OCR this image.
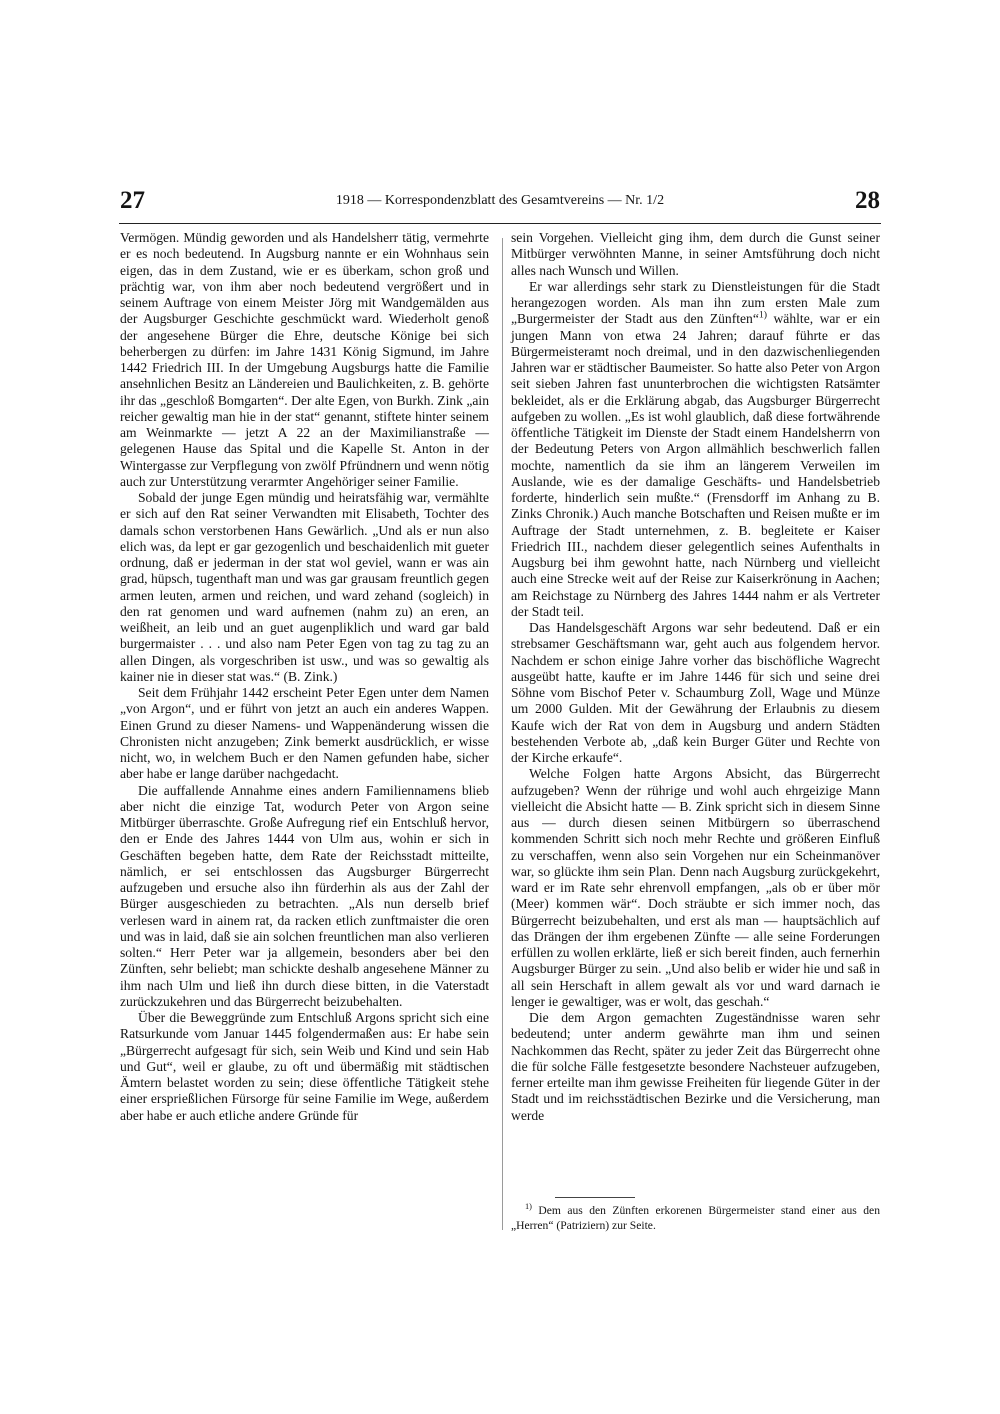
27	1918 — Korrespondenzblatt des Gesamtvereins — Nr. 1/2	28

Vermögen. Mündig geworden und als Handelsherr tätig, vermehrte er es noch bedeutend. In Augsburg nannte er ein Wohnhaus sein eigen, das in dem Zustand, wie er es überkam, schon groß und prächtig war, von ihm aber noch bedeutend vergrößert und in seinem Auftrage von einem Meister Jörg mit Wandgemälden aus der Augsburger Geschichte geschmückt ward. Wiederholt genoß der angesehene Bürger die Ehre, deutsche Könige bei sich beherbergen zu dürfen: im Jahre 1431 König Sigmund, im Jahre 1442 Friedrich III. In der Umgebung Augsburgs hatte die Familie ansehnlichen Besitz an Ländereien und Baulichkeiten, z. B. gehörte ihr das „geschloß Bomgarten“. Der alte Egen, von Burkh. Zink „ain reicher gewaltig man hie in der stat“ genannt, stiftete hinter seinem am Weinmarkte — jetzt A 22 an der Maximilianstraße — gelegenen Hause das Spital und die Kapelle St. Anton in der Wintergasse zur Verpflegung von zwölf Pfründnern und wenn nötig auch zur Unterstützung verarmter Angehöriger seiner Familie.

Sobald der junge Egen mündig und heiratsfähig war, vermählte er sich auf den Rat seiner Verwandten mit Elisabeth, Tochter des damals schon verstorbenen Hans Gewärlich. „Und als er nun also elich was, da lept er gar gezogenlich und beschaidenlich mit gueter ordnung, daß er jederman in der stat wol geviel, wann er was ain grad, hüpsch, tugenthaft man und was gar grausam freuntlich gegen armen leuten, armen und reichen, und ward zehand (sogleich) in den rat genomen und ward aufnemen (nahm zu) an eren, an weißheit, an leib und an guet augenpliklich und ward gar bald burgermaister . . . und also nam Peter Egen von tag zu tag zu an allen Dingen, als vorgeschriben ist usw., und was so gewaltig als kainer nie in dieser stat was.“ (B. Zink.)

Seit dem Frühjahr 1442 erscheint Peter Egen unter dem Namen „von Argon“, und er führt von jetzt an auch ein anderes Wappen. Einen Grund zu dieser Namens- und Wappenänderung wissen die Chronisten nicht anzugeben; Zink bemerkt ausdrücklich, er wisse nicht, wo, in welchem Buch er den Namen gefunden habe, sicher aber habe er lange darüber nachgedacht.

Die auffallende Annahme eines andern Familiennamens blieb aber nicht die einzige Tat, wodurch Peter von Argon seine Mitbürger überraschte. Große Aufregung rief ein Entschluß hervor, den er Ende des Jahres 1444 von Ulm aus, wohin er sich in Geschäften begeben hatte, dem Rate der Reichsstadt mitteilte, nämlich, er sei entschlossen das Augsburger Bürgerrecht aufzugeben und ersuche also ihn fürderhin als aus der Zahl der Bürger ausgeschieden zu betrachten. „Als nun derselb brief verlesen ward in ainem rat, da racken etlich zunftmaister die oren und was in laid, daß sie ain solchen freuntlichen man also verlieren solten.“ Herr Peter war ja allgemein, besonders aber bei den Zünften, sehr beliebt; man schickte deshalb angesehene Männer zu ihm nach Ulm und ließ ihn durch diese bitten, in die Vaterstadt zurückzukehren und das Bürgerrecht beizubehalten.

Über die Beweggründe zum Entschluß Argons spricht sich eine Ratsurkunde vom Januar 1445 folgendermaßen aus: Er habe sein „Bürgerrecht aufgesagt für sich, sein Weib und Kind und sein Hab und Gut“, weil er glaube, zu oft und übermäßig mit städtischen Ämtern belastet worden zu sein; diese öffentliche Tätigkeit stehe einer ersprießlichen Fürsorge für seine Familie im Wege, außerdem aber habe er auch etliche andere Gründe für

sein Vorgehen. Vielleicht ging ihm, dem durch die Gunst seiner Mitbürger verwöhnten Manne, in seiner Amtsführung doch nicht alles nach Wunsch und Willen.

Er war allerdings sehr stark zu Dienstleistungen für die Stadt herangezogen worden. Als man ihn zum ersten Male zum „Burgermeister der Stadt aus den Zünften“$^{1)}$ wählte, war er ein jungen Mann von etwa 24 Jahren; darauf führte er das Bürgermeisteramt noch dreimal, und in den dazwischenliegenden Jahren war er städtischer Baumeister. So hatte also Peter von Argon seit sieben Jahren fast ununterbrochen die wichtigsten Ratsämter bekleidet, als er die Erklärung abgab, das Augsburger Bürgerrecht aufgeben zu wollen. „Es ist wohl glaublich, daß diese fortwährende öffentliche Tätigkeit im Dienste der Stadt einem Handelsherrn von der Bedeutung Peters von Argon allmählich beschwerlich fallen mochte, namentlich da sie ihm an längerem Verweilen im Auslande, wie es der damalige Geschäfts- und Handelsbetrieb forderte, hinderlich sein mußte.“ (Frensdorff im Anhang zu B. Zinks Chronik.) Auch manche Botschaften und Reisen mußte er im Auftrage der Stadt unternehmen, z. B. begleitete er Kaiser Friedrich III., nachdem dieser gelegentlich seines Aufenthalts in Augsburg bei ihm gewohnt hatte, nach Nürnberg und vielleicht auch eine Strecke weit auf der Reise zur Kaiserkrönung in Aachen; am Reichstage zu Nürnberg des Jahres 1444 nahm er als Vertreter der Stadt teil.

Das Handelsgeschäft Argons war sehr bedeutend. Daß er ein strebsamer Geschäftsmann war, geht auch aus folgendem hervor. Nachdem er schon einige Jahre vorher das bischöfliche Wagrecht ausgeübt hatte, kaufte er im Jahre 1446 für sich und seine drei Söhne vom Bischof Peter v. Schaumburg Zoll, Wage und Münze um 2000 Gulden. Mit der Gewährung der Erlaubnis zu diesem Kaufe wich der Rat von dem in Augsburg und andern Städten bestehenden Verbote ab, „daß kein Burger Güter und Rechte von der Kirche erkaufe“.

Welche Folgen hatte Argons Absicht, das Bürgerrecht aufzugeben? Wenn der rührige und wohl auch ehrgeizige Mann vielleicht die Absicht hatte — B. Zink spricht sich in diesem Sinne aus — durch diesen seinen Mitbürgern so überraschend kommenden Schritt sich noch mehr Rechte und größeren Einfluß zu verschaffen, wenn also sein Vorgehen nur ein Scheinmanöver war, so glückte ihm sein Plan. Denn nach Augsburg zurückgekehrt, ward er im Rate sehr ehrenvoll empfangen, „als ob er über mör (Meer) kommen wär“. Doch sträubte er sich immer noch, das Bürgerrecht beizubehalten, und erst als man — hauptsächlich auf das Drängen der ihm ergebenen Zünfte — alle seine Forderungen erfüllen zu wollen erklärte, ließ er sich bereit finden, auch fernerhin Augsburger Bürger zu sein. „Und also belib er wider hie und saß in all sein Herschaft in allem gewalt als vor und ward darnach ie lenger ie gewaltiger, was er wolt, das geschah.“

Die dem Argon gemachten Zugeständnisse waren sehr bedeutend; unter anderm gewährte man ihm und seinen Nachkommen das Recht, später zu jeder Zeit das Bürgerrecht ohne die für solche Fälle festgesetzte besondere Nachsteuer aufzugeben, ferner erteilte man ihm gewisse Freiheiten für liegende Güter in der Stadt und im reichsstädtischen Bezirke und die Versicherung, man werde

$^{1)}$ Dem aus den Zünften erkorenen Bürgermeister stand einer aus den „Herren“ (Patriziern) zur Seite.
